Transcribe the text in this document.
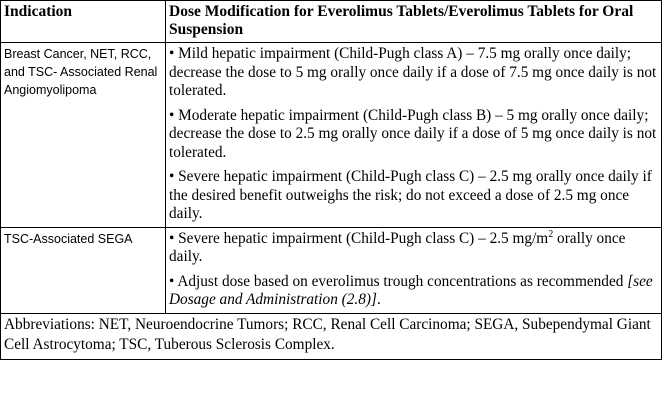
Indication	Dose Modification for Everolimus Tablets/Everolimus Tablets for Oral Suspension
Breast Cancer, NET, RCC, and TSC- Associated Renal Angiomyolipoma	• Mild hepatic impairment (Child-Pugh class A) – 7.5 mg orally once daily; decrease the dose to 5 mg orally once daily if a dose of 7.5 mg once daily is not tolerated.

• Moderate hepatic impairment (Child-Pugh class B) – 5 mg orally once daily; decrease the dose to 2.5 mg orally once daily if a dose of 5 mg once daily is not tolerated.

• Severe hepatic impairment (Child-Pugh class C) – 2.5 mg orally once daily if the desired benefit outweighs the risk; do not exceed a dose of 2.5 mg once daily.

TSC-Associated SEGA	• Severe hepatic impairment (Child-Pugh class C) – 2.5 $mg/m^2$ orally once daily.

• Adjust dose based on everolimus trough concentrations as recommended [see Dosage and Administration (2.8)].

Abbreviations: NET, Neuroendocrine Tumors; RCC, Renal Cell Carcinoma; SEGA, Subependymal Giant Cell Astrocytoma; TSC, Tuberous Sclerosis Complex.	
